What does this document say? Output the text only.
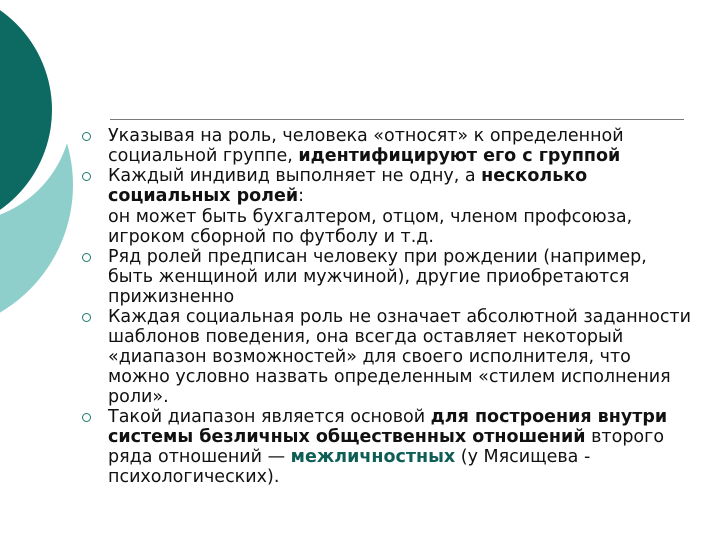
Указывая на роль, человека «относят» к определенной социальной группе, идентифицируют его с группой
Каждый индивид выполняет не одну, а несколько социальных ролей:
он может быть бухгалтером, отцом, членом профсоюза, игроком сборной по футболу и т.д.
Ряд ролей предписан человеку при рождении (например, быть женщиной или мужчиной), другие приобретаются прижизненно
Каждая социальная роль не означает абсолютной заданности шаблонов поведения, она всегда оставляет некоторый «диапазон возможностей» для своего исполнителя, что можно условно назвать определенным «стилем исполнения роли».
Такой диапазон является основой для построения внутри системы безличных общественных отношений второго ряда отношений — межличностных (у Мясищева - психологических).
